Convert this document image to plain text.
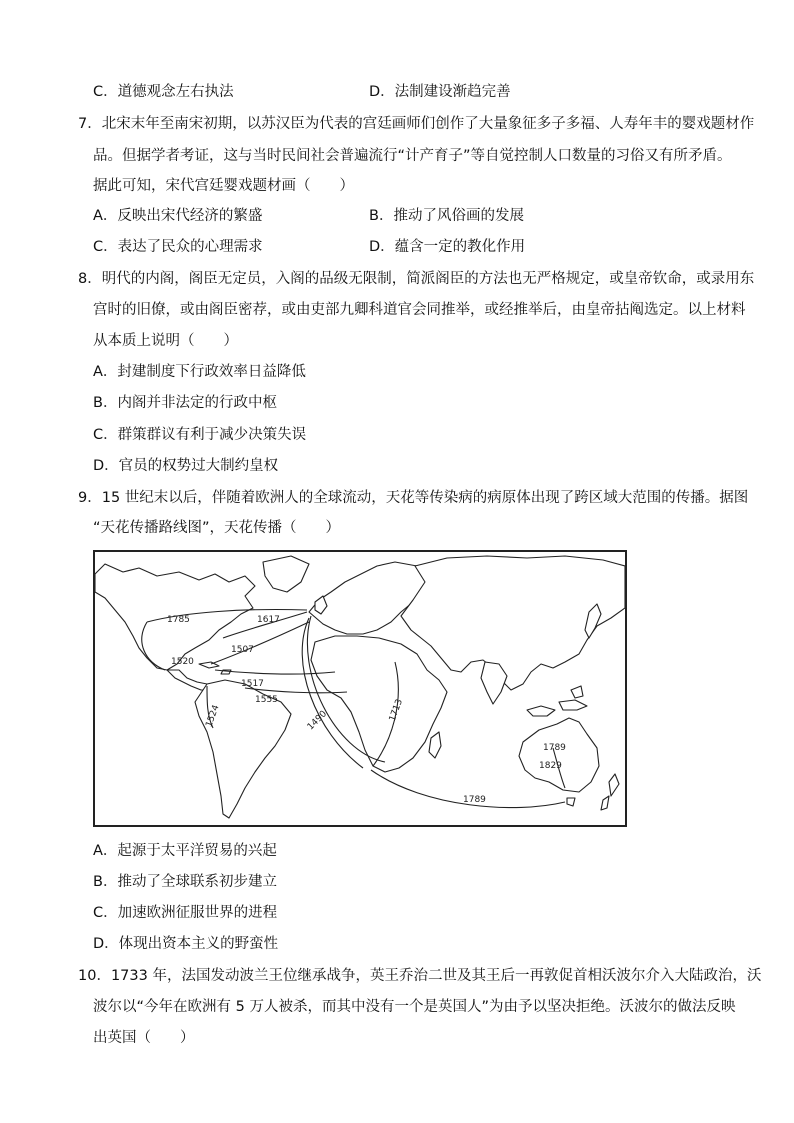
C．道德观念左右执法	D．法制建设渐趋完善
7．北宋末年至南宋初期，以苏汉臣为代表的宫廷画师们创作了大量象征多子多福、人寿年丰的婴戏题材作
品。但据学者考证，这与当时民间社会普遍流行“计产育子”等自觉控制人口数量的习俗又有所矛盾。
据此可知，宋代宫廷婴戏题材画（　　）
A．反映出宋代经济的繁盛	B．推动了风俗画的发展
C．表达了民众的心理需求	D．蕴含一定的教化作用
8．明代的内阁，阁臣无定员，入阁的品级无限制，简派阁臣的方法也无严格规定，或皇帝钦命，或录用东
宫时的旧僚，或由阁臣密荐，或由吏部九卿科道官会同推举，或经推举后，由皇帝拈阄选定。以上材料
从本质上说明（　　）
A．封建制度下行政效率日益降低
B．内阁并非法定的行政中枢
C．群策群议有利于减少决策失误
D．官员的权势过大制约皇权
9．15 世纪末以后，伴随着欧洲人的全球流动，天花等传染病的病原体出现了跨区域大范围的传播。据图
“天花传播路线图”，天花传播（　　）
1785	1617
1520
1507
1517
1555
1524	1490	1713
1789
1829
1789
A．起源于太平洋贸易的兴起
B．推动了全球联系初步建立
C．加速欧洲征服世界的进程
D．体现出资本主义的野蛮性
10．1733 年，法国发动波兰王位继承战争，英王乔治二世及其王后一再敦促首相沃波尔介入大陆政治，沃
波尔以“今年在欧洲有 5 万人被杀，而其中没有一个是英国人”为由予以坚决拒绝。沃波尔的做法反映
出英国（　　）
